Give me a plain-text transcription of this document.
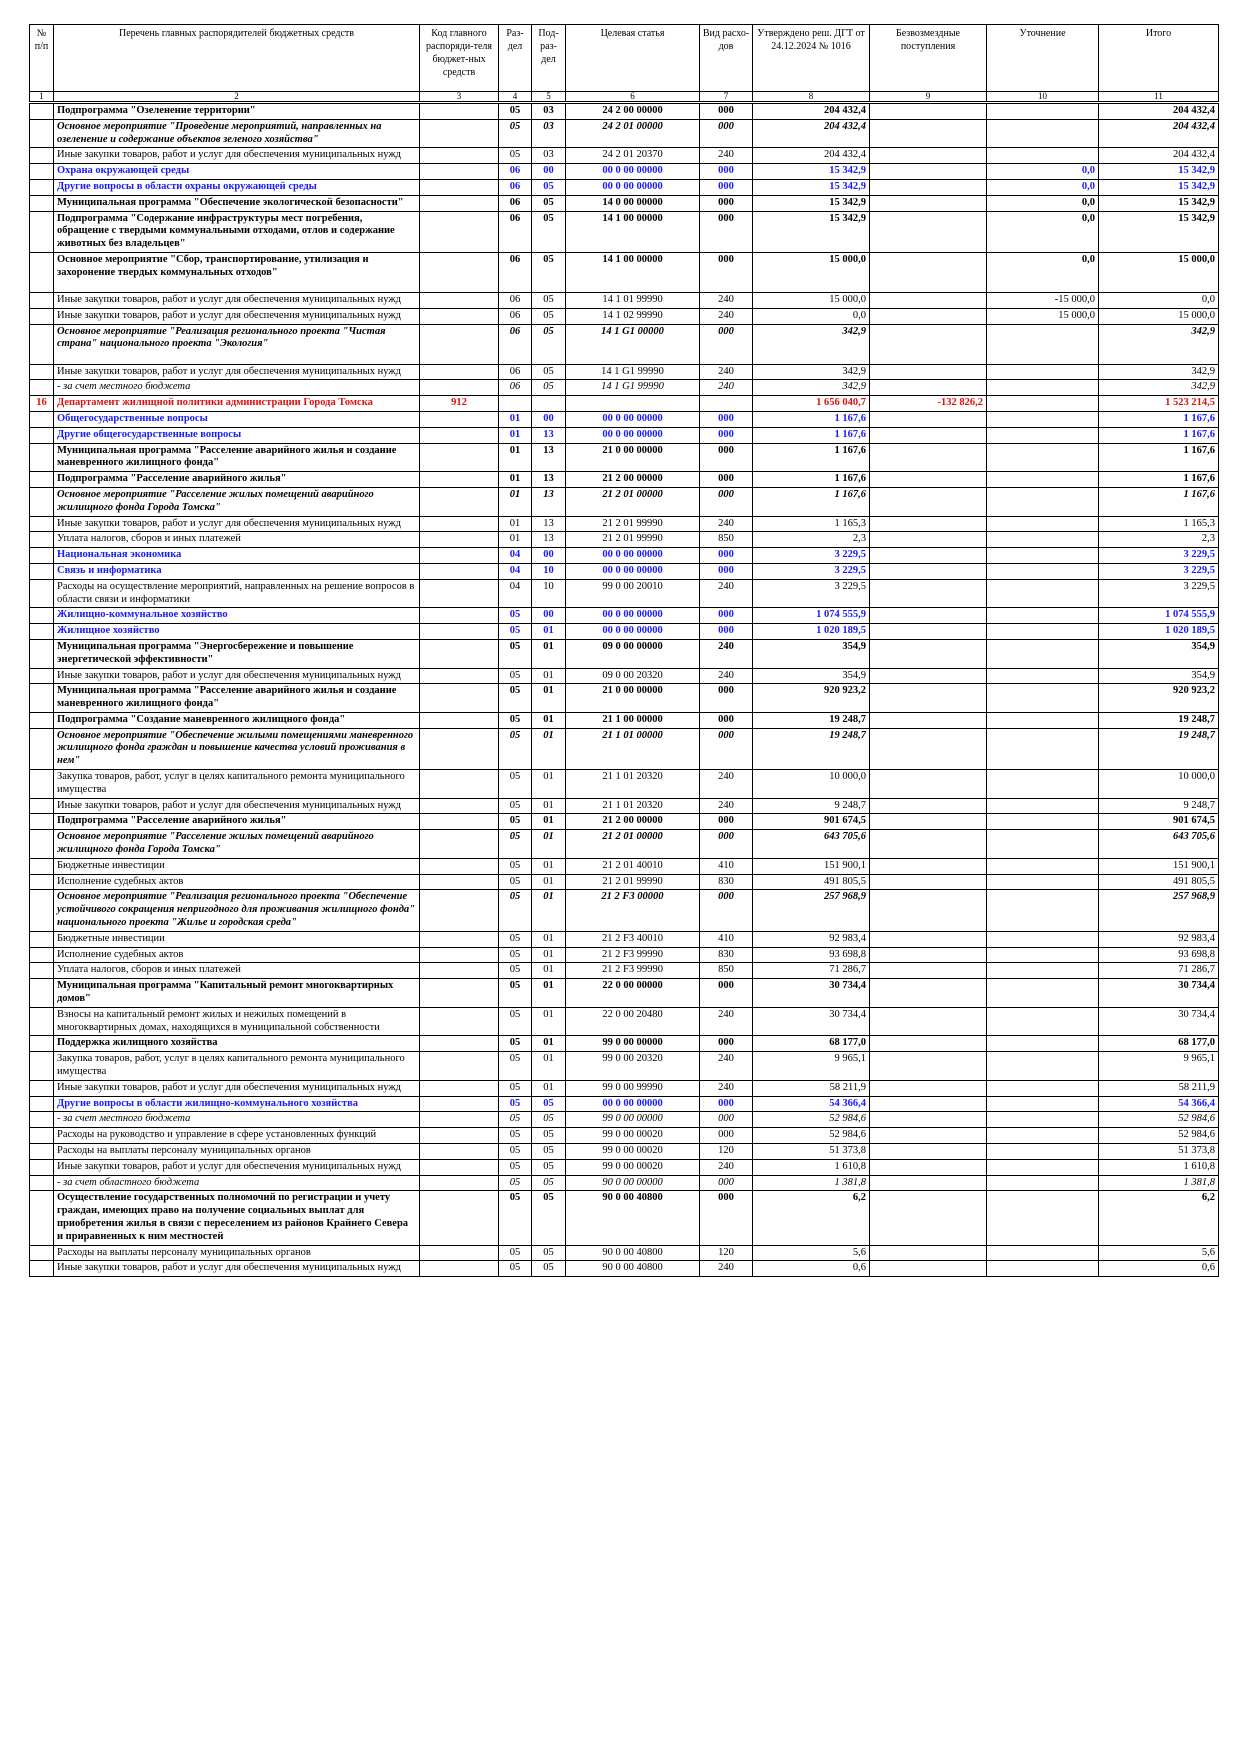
№ п/п	Перечень главных распорядителей бюджетных средств	Код главного распоряди-теля бюджет-ных средств	Раз-дел	Под-раз-дел	Целевая статья	Вид расхо-дов	Утверждено реш. ДГТ от 24.12.2024 № 1016	Безвозмездные поступления	Уточнение	Итого
1	2	3	4	5	6	7	8	9	10	11
	Подпрограмма "Озеленение территории"		05	03	24 2 00 00000	000	204 432,4			204 432,4
	Основное мероприятие "Проведение мероприятий, направленных на озеленение и содержание объектов зеленого хозяйства"		05	03	24 2 01 00000	000	204 432,4			204 432,4
	Иные закупки товаров, работ и услуг для обеспечения муниципальных нужд		05	03	24 2 01 20370	240	204 432,4			204 432,4
	Охрана окружающей среды		06	00	00 0 00 00000	000	15 342,9		0,0	15 342,9
	Другие вопросы в области охраны окружающей среды		06	05	00 0 00 00000	000	15 342,9		0,0	15 342,9
	Муниципальная программа "Обеспечение экологической безопасности"		06	05	14 0 00 00000	000	15 342,9		0,0	15 342,9
	Подпрограмма "Содержание инфраструктуры мест погребения, обращение с твердыми коммунальными отходами, отлов и содержание животных без владельцев"		06	05	14 1 00 00000	000	15 342,9		0,0	15 342,9
	Основное мероприятие "Сбор, транспортирование, утилизация и захоронение твердых коммунальных отходов"		06	05	14 1 00 00000	000	15 000,0		0,0	15 000,0
	Иные закупки товаров, работ и услуг для обеспечения муниципальных нужд		06	05	14 1 01 99990	240	15 000,0		-15 000,0	0,0
	Иные закупки товаров, работ и услуг для обеспечения муниципальных нужд		06	05	14 1 02 99990	240	0,0		15 000,0	15 000,0
	Основное мероприятие "Реализация регионального проекта "Чистая страна" национального проекта "Экология"		06	05	14 1 G1 00000	000	342,9			342,9
	Иные закупки товаров, работ и услуг для обеспечения муниципальных нужд		06	05	14 1 G1 99990	240	342,9			342,9
	- за счет местного бюджета		06	05	14 1 G1 99990	240	342,9			342,9
16	Департамент жилищной политики администрации Города Томска	912					1 656 040,7	-132 826,2		1 523 214,5
	Общегосударственные вопросы		01	00	00 0 00 00000	000	1 167,6			1 167,6
	Другие общегосударственные вопросы		01	13	00 0 00 00000	000	1 167,6			1 167,6
	Муниципальная программа "Расселение аварийного жилья и создание маневренного жилищного фонда"		01	13	21 0 00 00000	000	1 167,6			1 167,6
	Подпрограмма "Расселение аварийного жилья"		01	13	21 2 00 00000	000	1 167,6			1 167,6
	Основное мероприятие "Расселение жилых помещений аварийного жилищного фонда Города Томска"		01	13	21 2 01 00000	000	1 167,6			1 167,6
	Иные закупки товаров, работ и услуг для обеспечения муниципальных нужд		01	13	21 2 01 99990	240	1 165,3			1 165,3
	Уплата налогов, сборов и иных платежей		01	13	21 2 01 99990	850	2,3			2,3
	Национальная экономика		04	00	00 0 00 00000	000	3 229,5			3 229,5
	Связь и информатика		04	10	00 0 00 00000	000	3 229,5			3 229,5
	Расходы на осуществление мероприятий, направленных на решение вопросов в области связи и информатики		04	10	99 0 00 20010	240	3 229,5			3 229,5
	Жилищно-коммунальное хозяйство		05	00	00 0 00 00000	000	1 074 555,9			1 074 555,9
	Жилищное хозяйство		05	01	00 0 00 00000	000	1 020 189,5			1 020 189,5
	Муниципальная программа "Энергосбережение и повышение энергетической эффективности"		05	01	09 0 00 00000	240	354,9			354,9
	Иные закупки товаров, работ и услуг для обеспечения муниципальных нужд		05	01	09 0 00 20320	240	354,9			354,9
	Муниципальная программа "Расселение аварийного жилья и создание маневренного жилищного фонда"		05	01	21 0 00 00000	000	920 923,2			920 923,2
	Подпрограмма "Создание маневренного жилищного фонда"		05	01	21 1 00 00000	000	19 248,7			19 248,7
	Основное мероприятие "Обеспечение жилыми помещениями маневренного жилищного фонда граждан и повышение качества условий проживания в нем"		05	01	21 1 01 00000	000	19 248,7			19 248,7
	Закупка товаров, работ, услуг в целях капитального ремонта муниципального имущества		05	01	21 1 01 20320	240	10 000,0			10 000,0
	Иные закупки товаров, работ и услуг для обеспечения муниципальных нужд		05	01	21 1 01 20320	240	9 248,7			9 248,7
	Подпрограмма "Расселение аварийного жилья"		05	01	21 2 00 00000	000	901 674,5			901 674,5
	Основное мероприятие "Расселение жилых помещений аварийного жилищного фонда Города Томска"		05	01	21 2 01 00000	000	643 705,6			643 705,6
	Бюджетные инвестиции		05	01	21 2 01 40010	410	151 900,1			151 900,1
	Исполнение судебных актов		05	01	21 2 01 99990	830	491 805,5			491 805,5
	Основное мероприятие "Реализация регионального проекта "Обеспечение устойчивого сокращения непригодного для проживания жилищного фонда" национального проекта "Жилье и городская среда"		05	01	21 2 F3 00000	000	257 968,9			257 968,9
	Бюджетные инвестиции		05	01	21 2 F3 40010	410	92 983,4			92 983,4
	Исполнение судебных актов		05	01	21 2 F3 99990	830	93 698,8			93 698,8
	Уплата налогов, сборов и иных платежей		05	01	21 2 F3 99990	850	71 286,7			71 286,7
	Муниципальная программа "Капитальный ремонт многоквартирных домов"		05	01	22 0 00 00000	000	30 734,4			30 734,4
	Взносы на капитальный ремонт жилых и нежилых помещений в многоквартирных домах, находящихся в муниципальной собственности		05	01	22 0 00 20480	240	30 734,4			30 734,4
	Поддержка жилищного хозяйства		05	01	99 0 00 00000	000	68 177,0			68 177,0
	Закупка товаров, работ, услуг в целях капитального ремонта муниципального имущества		05	01	99 0 00 20320	240	9 965,1			9 965,1
	Иные закупки товаров, работ и услуг для обеспечения муниципальных нужд		05	01	99 0 00 99990	240	58 211,9			58 211,9
	Другие вопросы в области жилищно-коммунального хозяйства		05	05	00 0 00 00000	000	54 366,4			54 366,4
	- за счет местного бюджета		05	05	99 0 00 00000	000	52 984,6			52 984,6
	Расходы на руководство и управление в сфере установленных функций		05	05	99 0 00 00020	000	52 984,6			52 984,6
	Расходы на выплаты персоналу муниципальных органов		05	05	99 0 00 00020	120	51 373,8			51 373,8
	Иные закупки товаров, работ и услуг для обеспечения муниципальных нужд		05	05	99 0 00 00020	240	1 610,8			1 610,8
	- за счет областного бюджета		05	05	90 0 00 00000	000	1 381,8			1 381,8
	Осуществление государственных полномочий по регистрации и учету граждан, имеющих право на получение социальных выплат для приобретения жилья в связи с переселением из районов Крайнего Севера и приравненных к ним местностей		05	05	90 0 00 40800	000	6,2			6,2
	Расходы на выплаты персоналу муниципальных органов		05	05	90 0 00 40800	120	5,6			5,6
	Иные закупки товаров, работ и услуг для обеспечения муниципальных нужд		05	05	90 0 00 40800	240	0,6			0,6
